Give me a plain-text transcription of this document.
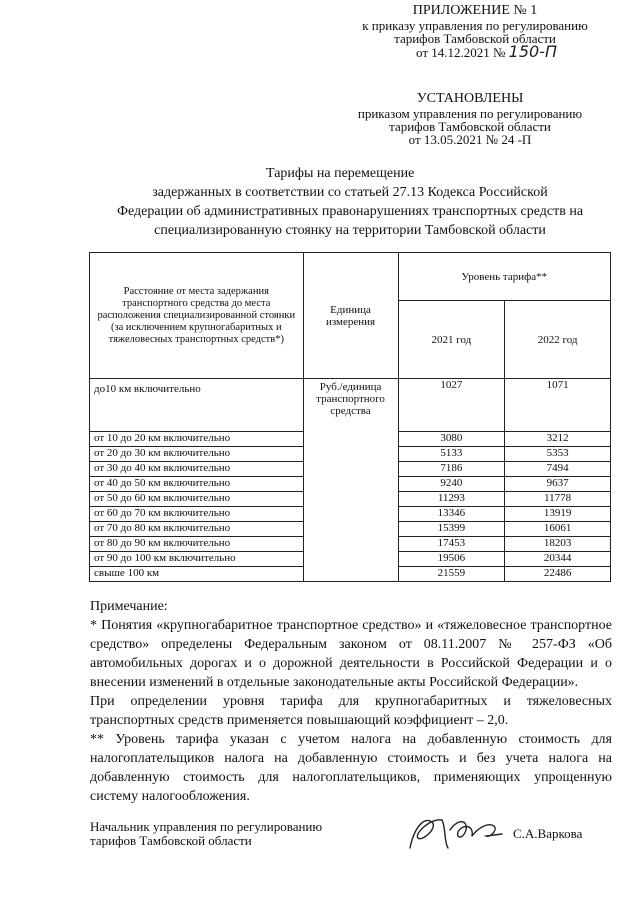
ПРИЛОЖЕНИЕ № 1
к приказу управления по регулированию
тарифов Тамбовской области
от 14.12.2021 № 150-П
УСТАНОВЛЕНЫ
приказом управления по регулированию
тарифов Тамбовской области
от 13.05.2021 № 24 -П
Тарифы на перемещение
задержанных в соответствии со статьей 27.13 Кодекса Российской
Федерации об административных правонарушениях транспортных средств на
специализированную стоянку на территории Тамбовской области
Расстояние от места задержания транспортного средства до места расположения специализированной стоянки (за исключением крупногабаритных и тяжеловесных транспортных средств*)	Единица измерения	Уровень тарифа**	
		2021 год	2022 год
до10 км включительно	Руб./единица транспортного средства	1027	1071
от 10 до 20 км включительно		3080	3212
от 20 до 30 км включительно		5133	5353
от 30 до 40 км включительно		7186	7494
от 40 до 50 км включительно		9240	9637
от 50 до 60 км включительно		11293	11778
от 60 до 70 км включительно		13346	13919
от 70 до 80 км включительно		15399	16061
от 80 до 90 км включительно		17453	18203
от 90 до 100 км включительно		19506	20344
свыше 100 км		21559	22486
Примечание:
* Понятия «крупногабаритное транспортное средство» и «тяжеловесное транспортное средство» определены Федеральным законом от 08.11.2007 № 257-ФЗ «Об автомобильных дорогах и о дорожной деятельности в Российской Федерации и о внесении изменений в отдельные законодательные акты Российской Федерации».
При определении уровня тарифа для крупногабаритных и тяжеловесных транспортных средств применяется повышающий коэффициент – 2,0.
** Уровень тарифа указан с учетом налога на добавленную стоимость для налогоплательщиков налога на добавленную стоимость и без учета налога на добавленную стоимость для налогоплательщиков, применяющих упрощенную систему налогообложения.
Начальник управления по регулированию
тарифов Тамбовской области	С.А.Варкова
